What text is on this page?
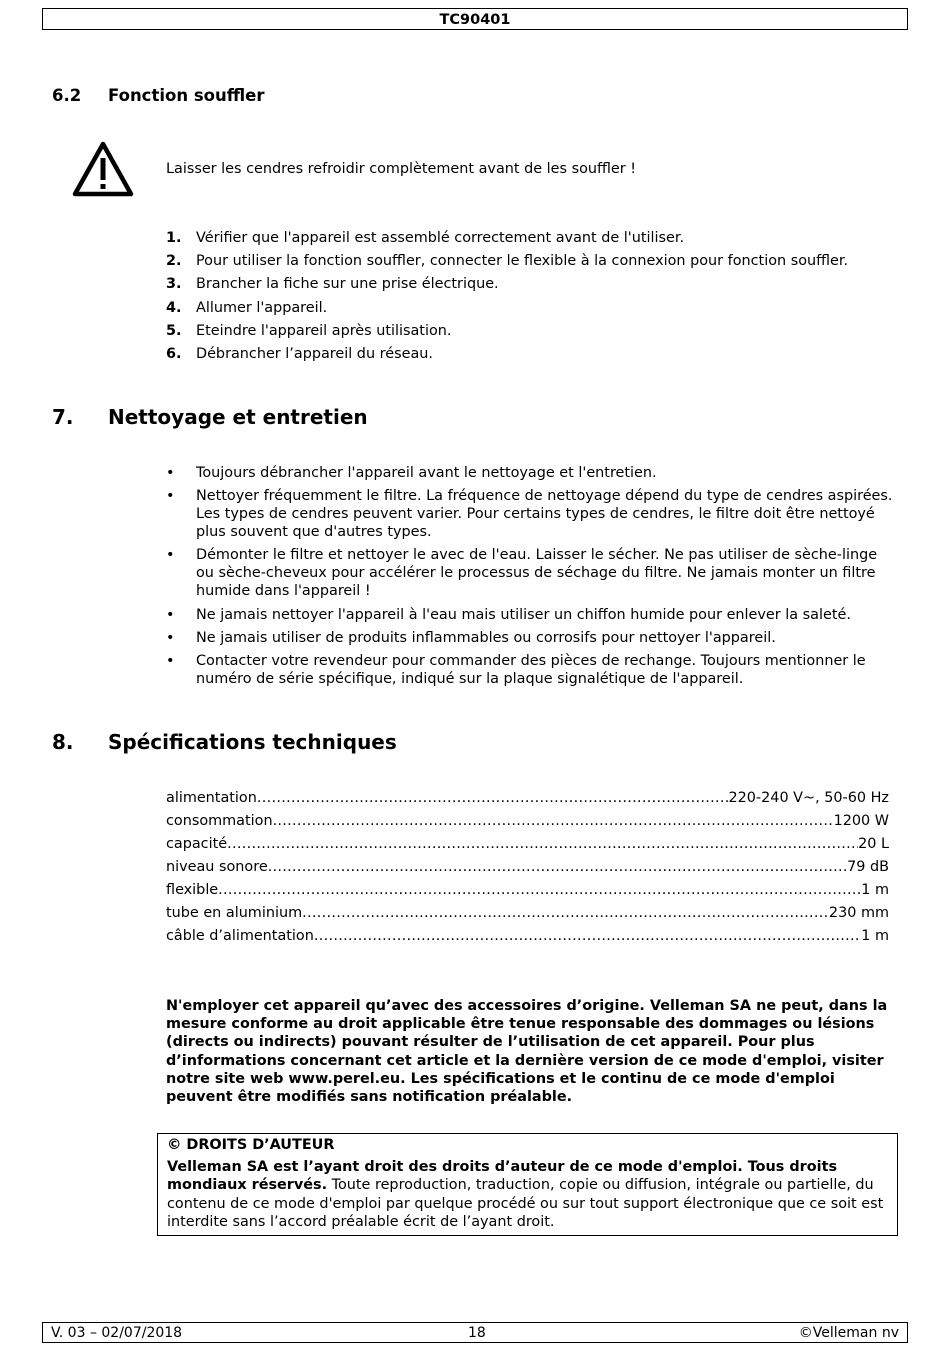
TC90401
6.2 Fonction souffler
Laisser les cendres refroidir complètement avant de les souffler !
1. Vérifier que l'appareil est assemblé correctement avant de l'utiliser.
2. Pour utiliser la fonction souffler, connecter le flexible à la connexion pour fonction souffler.
3. Brancher la fiche sur une prise électrique.
4. Allumer l'appareil.
5. Eteindre l'appareil après utilisation.
6. Débrancher l’appareil du réseau.
7. Nettoyage et entretien
• Toujours débrancher l'appareil avant le nettoyage et l'entretien.
• Nettoyer fréquemment le filtre. La fréquence de nettoyage dépend du type de cendres aspirées. Les types de cendres peuvent varier. Pour certains types de cendres, le filtre doit être nettoyé plus souvent que d'autres types.
• Démonter le filtre et nettoyer le avec de l'eau. Laisser le sécher. Ne pas utiliser de sèche-linge ou sèche-cheveux pour accélérer le processus de séchage du filtre. Ne jamais monter un filtre humide dans l'appareil !
• Ne jamais nettoyer l'appareil à l'eau mais utiliser un chiffon humide pour enlever la saleté.
• Ne jamais utiliser de produits inflammables ou corrosifs pour nettoyer l'appareil.
• Contacter votre revendeur pour commander des pièces de rechange. Toujours mentionner le numéro de série spécifique, indiqué sur la plaque signalétique de l'appareil.
8. Spécifications techniques
alimentation .....	220-240 V~, 50-60 Hz
consommation .....	1200 W
capacité .....	20 L
niveau sonore .....	79 dB
flexible .....	1 m
tube en aluminium .....	230 mm
câble d’alimentation .....	1 m
N'employer cet appareil qu’avec des accessoires d’origine. Velleman SA ne peut, dans la mesure conforme au droit applicable être tenue responsable des dommages ou lésions (directs ou indirects) pouvant résulter de l’utilisation de cet appareil. Pour plus d’informations concernant cet article et la dernière version de ce mode d'emploi, visiter notre site web www.perel.eu. Les spécifications et le continu de ce mode d'emploi peuvent être modifiés sans notification préalable.
© DROITS D’AUTEUR
Velleman SA est l’ayant droit des droits d’auteur de ce mode d'emploi. Tous droits mondiaux réservés. Toute reproduction, traduction, copie ou diffusion, intégrale ou partielle, du contenu de ce mode d'emploi par quelque procédé ou sur tout support électronique que ce soit est interdite sans l’accord préalable écrit de l’ayant droit.
V. 03 – 02/07/2018	18	©Velleman nv
